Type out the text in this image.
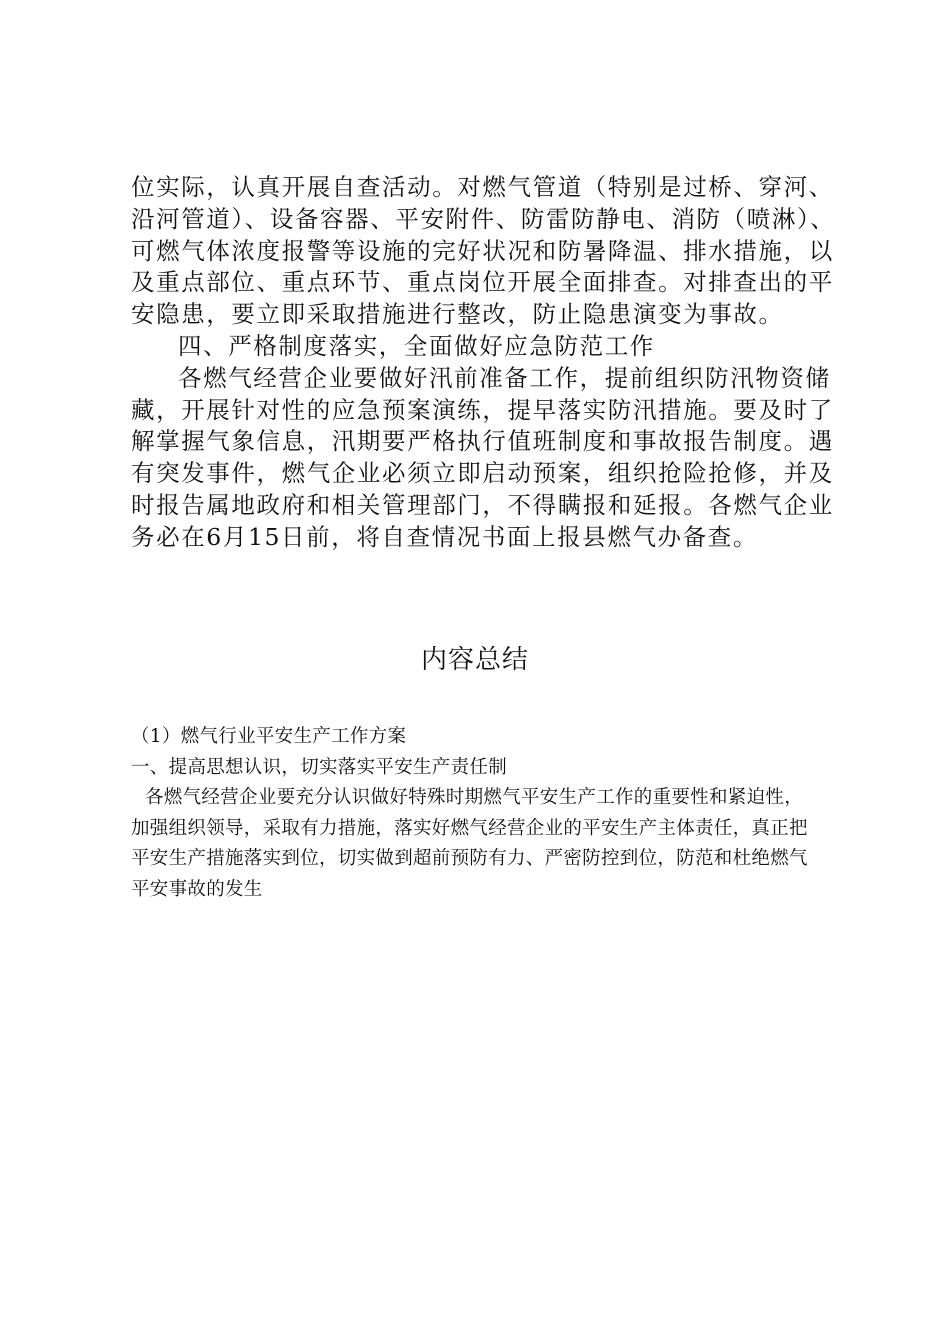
位实际，认真开展自查活动。对燃气管道（特别是过桥、穿河、沿河管道）、设备容器、平安附件、防雷防静电、消防（喷淋）、可燃气体浓度报警等设施的完好状况和防暑降温、排水措施，以及重点部位、重点环节、重点岗位开展全面排查。对排查出的平安隐患，要立即采取措施进行整改，防止隐患演变为事故。

四、严格制度落实，全面做好应急防范工作

各燃气经营企业要做好汛前准备工作，提前组织防汛物资储藏，开展针对性的应急预案演练，提早落实防汛措施。要及时了解掌握气象信息，汛期要严格执行值班制度和事故报告制度。遇有突发事件，燃气企业必须立即启动预案，组织抢险抢修，并及时报告属地政府和相关管理部门，不得瞒报和延报。各燃气企业务必在6月15日前，将自查情况书面上报县燃气办备查。

内容总结

（1）燃气行业平安生产工作方案

一、提高思想认识，切实落实平安生产责任制

各燃气经营企业要充分认识做好特殊时期燃气平安生产工作的重要性和紧迫性，加强组织领导，采取有力措施，落实好燃气经营企业的平安生产主体责任，真正把平安生产措施落实到位，切实做到超前预防有力、严密防控到位，防范和杜绝燃气平安事故的发生
